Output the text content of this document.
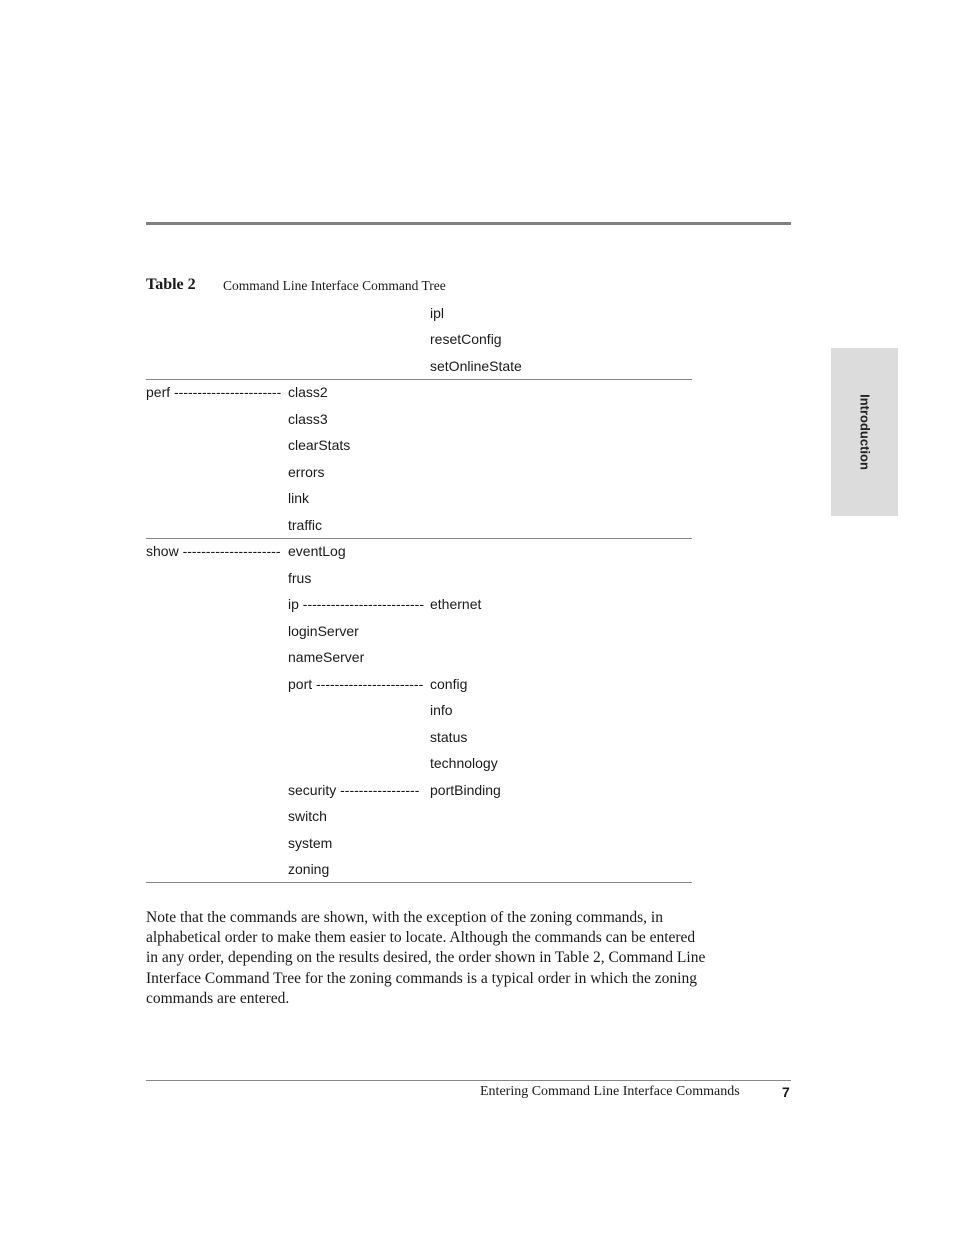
Table 2 Command Line Interface Command Tree
ipl
resetConfig
setOnlineState
perf ----------------------- class2
class3
clearStats
errors
link
traffic
show --------------------- eventLog
frus
ip -------------------------- ethernet
loginServer
nameServer
port ----------------------- config
info
status
technology
security ----------------- portBinding
switch
system
zoning
Introduction
Note that the commands are shown, with the exception of the zoning commands, in
alphabetical order to make them easier to locate. Although the commands can be entered
in any order, depending on the results desired, the order shown in Table 2, Command Line
Interface Command Tree for the zoning commands is a typical order in which the zoning
commands are entered.
Entering Command Line Interface Commands	7
